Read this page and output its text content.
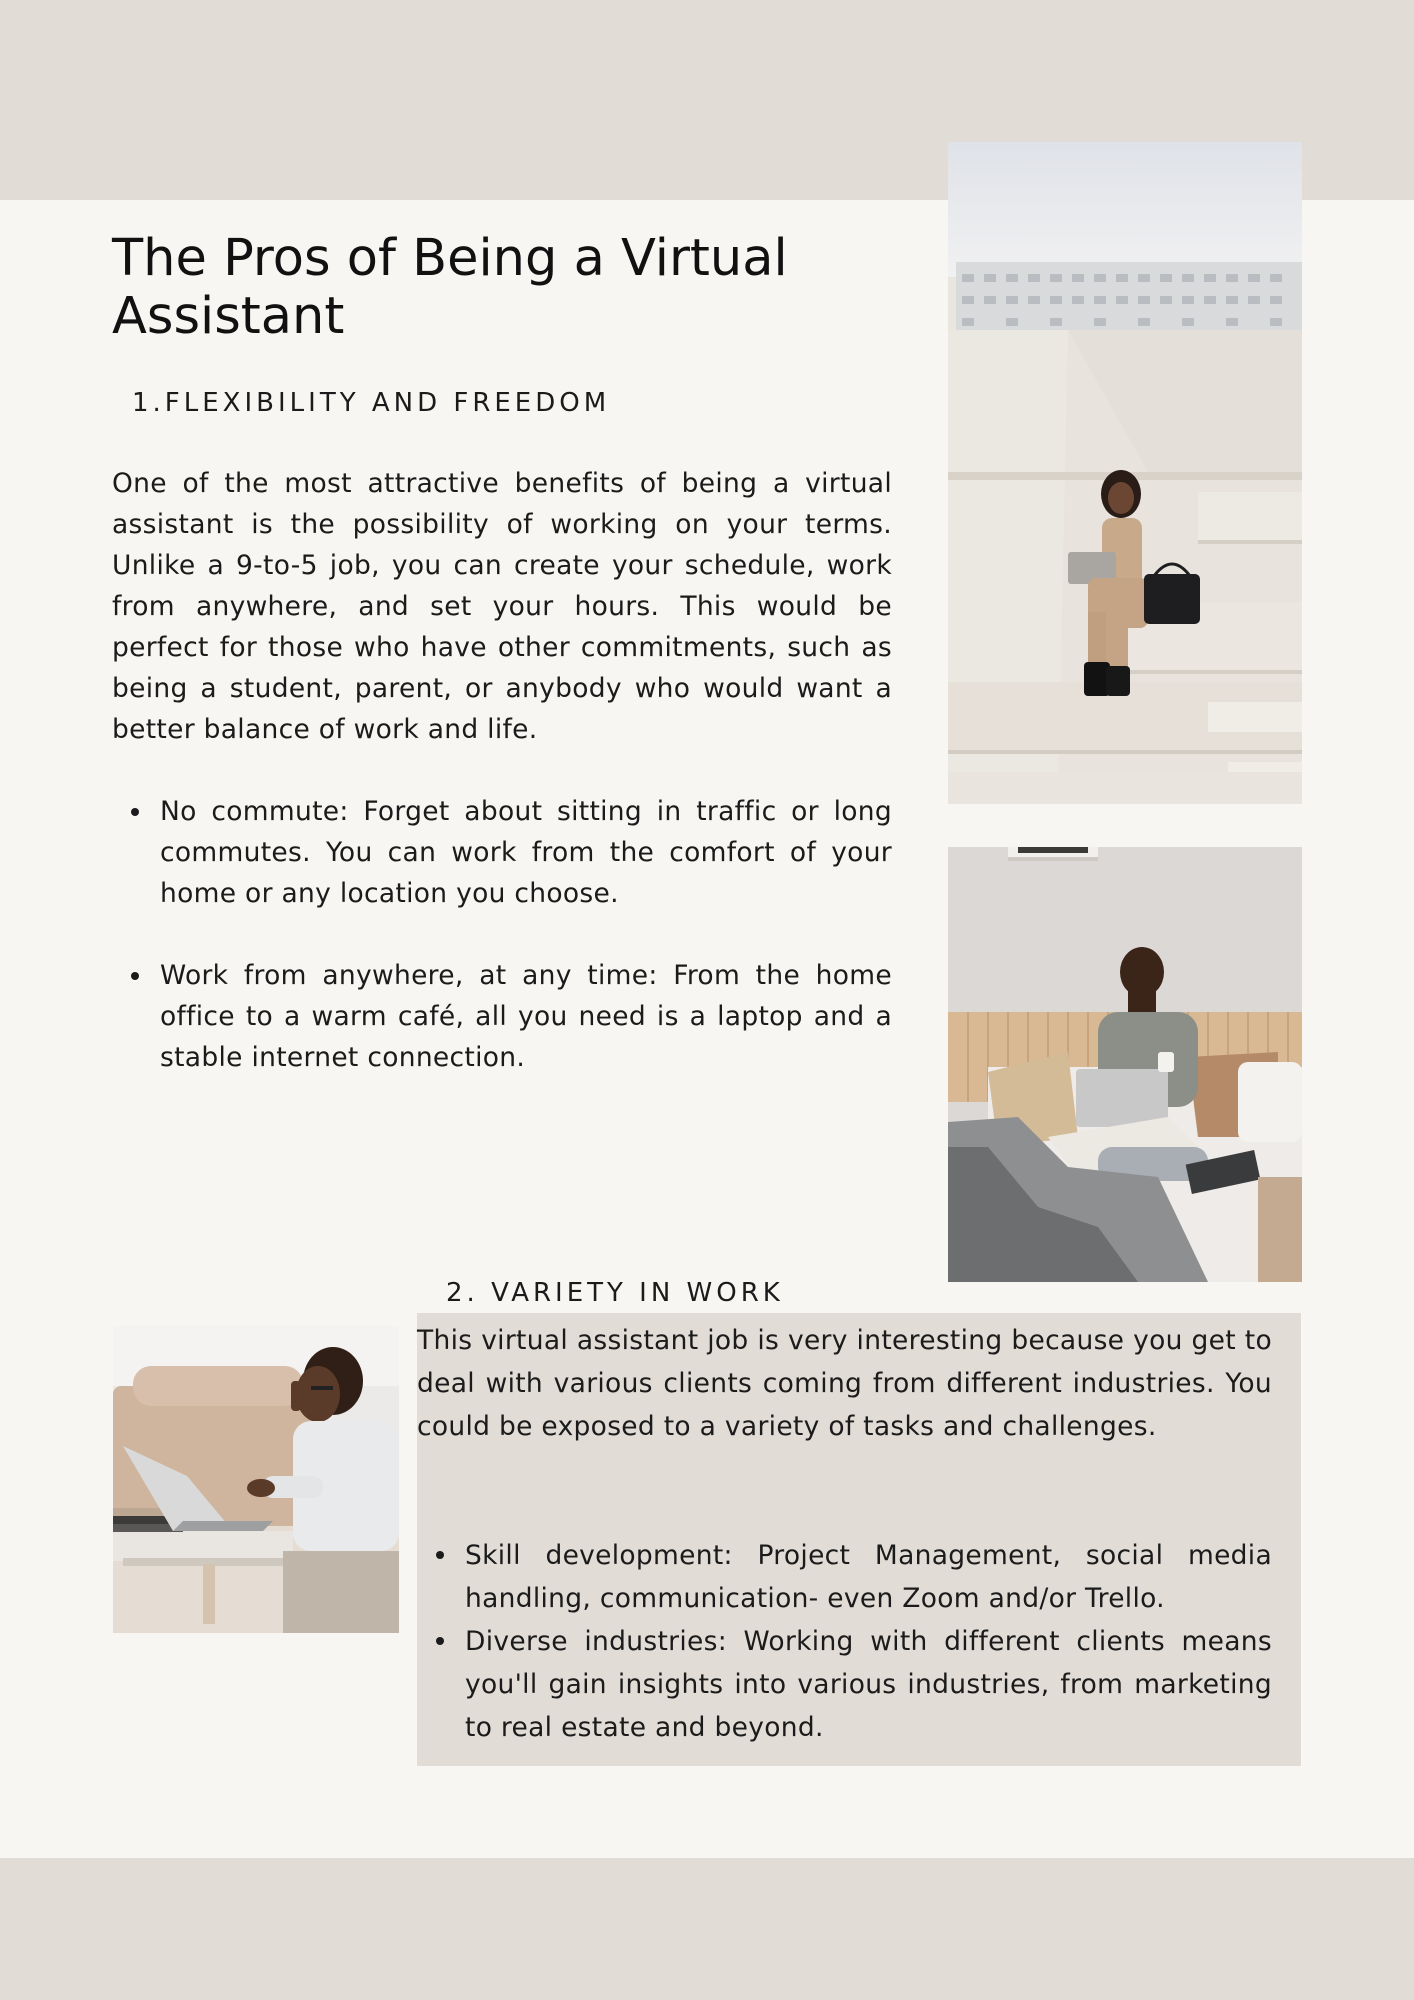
The Pros of Being a Virtual Assistant
1.FLEXIBILITY AND FREEDOM

One of the most attractive benefits of being a virtual assistant is the possibility of working on your terms. Unlike a 9-to-5 job, you can create your schedule, work from anywhere, and set your hours. This would be perfect for those who have other commitments, such as being a student, parent, or anybody who would want a better balance of work and life.

No commute: Forget about sitting in traffic or long commutes. You can work from the comfort of your home or any location you choose.
Work from anywhere, at any time: From the home office to a warm café, all you need is a laptop and a stable internet connection.
2. VARIETY IN WORK

This virtual assistant job is very interesting because you get to deal with various clients coming from different industries. You could be exposed to a variety of tasks and challenges.

Skill development: Project Management, social media handling, communication- even Zoom and/or Trello.
Diverse industries: Working with different clients means you'll gain insights into various industries, from marketing to real estate and beyond.
